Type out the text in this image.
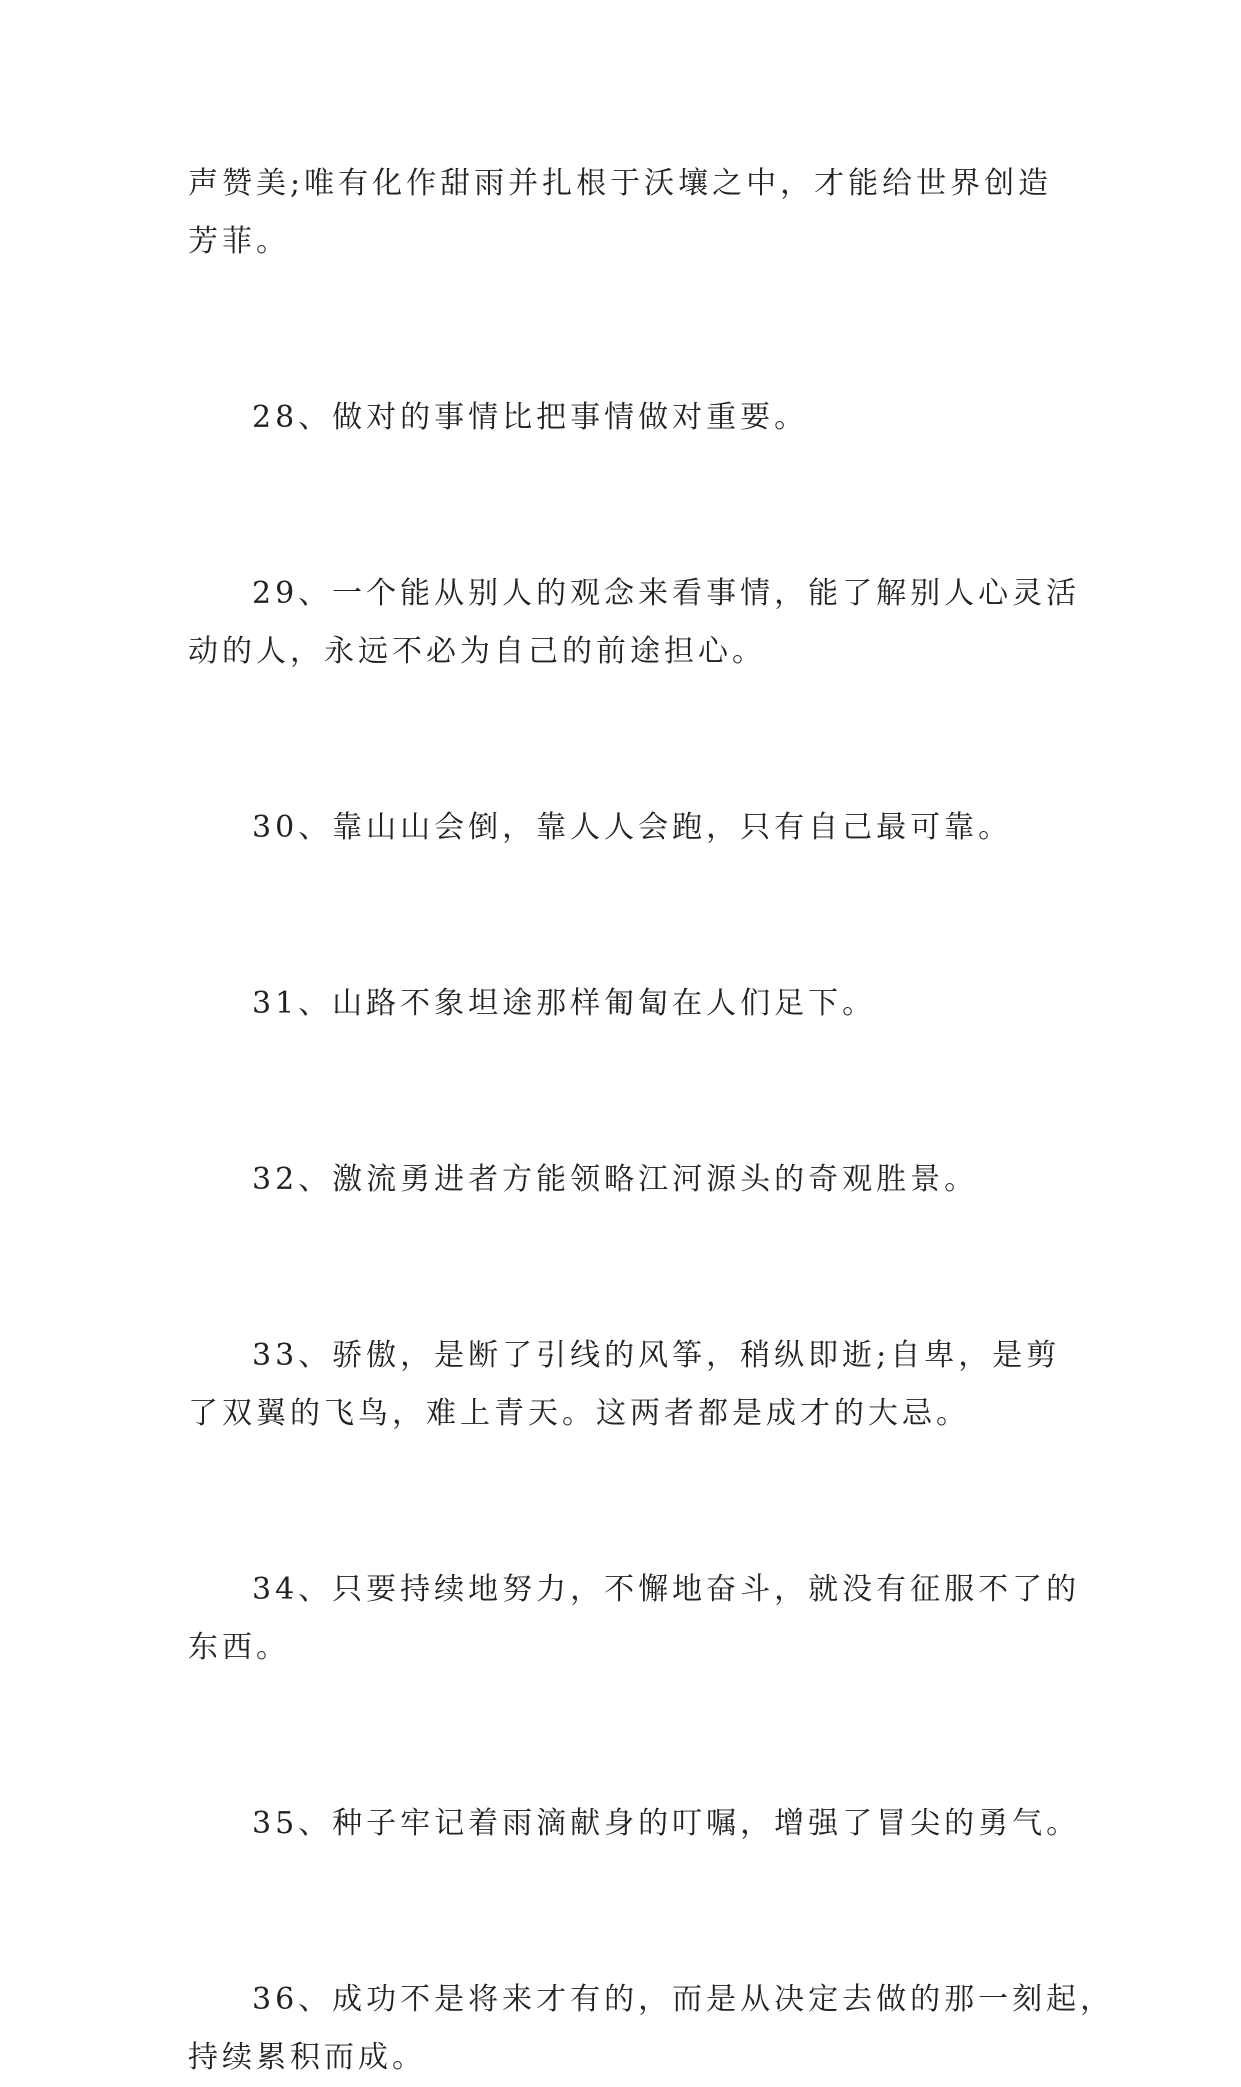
声赞美;唯有化作甜雨并扎根于沃壤之中，才能给世界创造
芳菲。

28、做对的事情比把事情做对重要。

29、一个能从别人的观念来看事情，能了解别人心灵活
动的人，永远不必为自己的前途担心。

30、靠山山会倒，靠人人会跑，只有自己最可靠。

31、山路不象坦途那样匍匐在人们足下。

32、激流勇进者方能领略江河源头的奇观胜景。

33、骄傲，是断了引线的风筝，稍纵即逝;自卑，是剪
了双翼的飞鸟，难上青天。这两者都是成才的大忌。

34、只要持续地努力，不懈地奋斗，就没有征服不了的
东西。

35、种子牢记着雨滴献身的叮嘱，增强了冒尖的勇气。

36、成功不是将来才有的，而是从决定去做的那一刻起，
持续累积而成。
